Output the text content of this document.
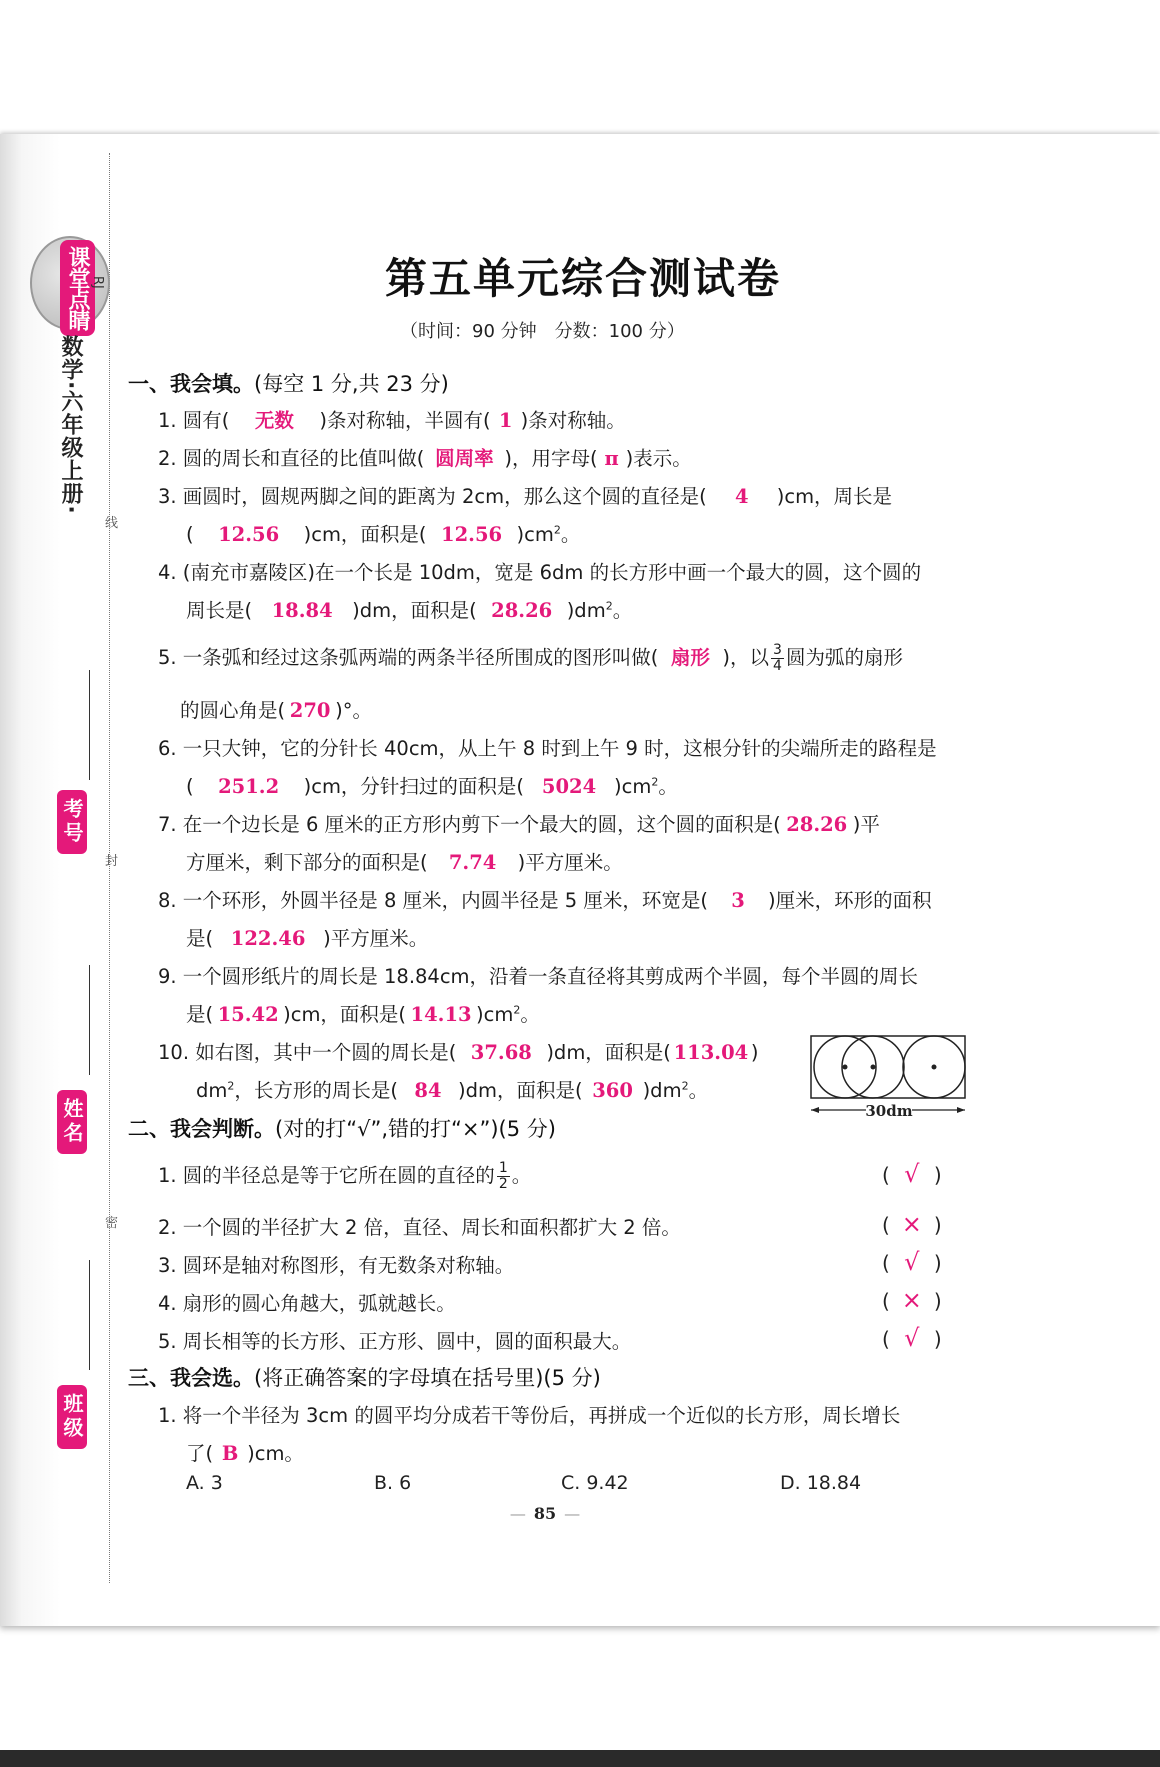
课堂点睛 RJ
数学·六年级上册·
线
封
密
考号
姓名
班级
第五单元综合测试卷
（时间：90 分钟　分数：100 分）
一、我会填。(每空 1 分,共 23 分)
1. 圆有( 无数 )条对称轴，半圆有( 1 )条对称轴。
2. 圆的周长和直径的比值叫做( 圆周率 )，用字母( π )表示。
3. 画圆时，圆规两脚之间的距离为 2cm，那么这个圆的直径是( 4 )cm，周长是
( 12.56 )cm，面积是( 12.56 )$cm^2$。
4. (南充市嘉陵区)在一个长是 10dm，宽是 6dm 的长方形中画一个最大的圆，这个圆的
周长是( 18.84 )dm，面积是( 28.26 )$dm^2$。
5. 一条弧和经过这条弧两端的两条半径所围成的图形叫做( 扇形 )，以 $\frac{3}{4}$ 圆为弧的扇形
的圆心角是( 270 )°。
6. 一只大钟，它的分针长 40cm，从上午 8 时到上午 9 时，这根分针的尖端所走的路程是
( 251.2 )cm，分针扫过的面积是( 5024 )$cm^2$。
7. 在一个边长是 6 厘米的正方形内剪下一个最大的圆，这个圆的面积是( 28.26 )平
方厘米，剩下部分的面积是( 7.74 )平方厘米。
8. 一个环形，外圆半径是 8 厘米，内圆半径是 5 厘米，环宽是( 3 )厘米，环形的面积
是( 122.46 )平方厘米。
9. 一个圆形纸片的周长是 18.84cm，沿着一条直径将其剪成两个半圆，每个半圆的周长
是( 15.42 )cm，面积是( 14.13 )$cm^2$。
10. 如右图，其中一个圆的周长是( 37.68 )dm，面积是( 113.04 )
$dm^2$，长方形的周长是( 84 )dm，面积是( 360 )$dm^2$。
30dm
二、我会判断。(对的打“√”,错的打“×”)(5 分)
1. 圆的半径总是等于它所在圆的直径的 $\frac{1}{2}$ 。	( √ )
2. 一个圆的半径扩大 2 倍，直径、周长和面积都扩大 2 倍。	( × )
3. 圆环是轴对称图形，有无数条对称轴。	( √ )
4. 扇形的圆心角越大，弧就越长。	( × )
5. 周长相等的长方形、正方形、圆中，圆的面积最大。	( √ )
三、我会选。(将正确答案的字母填在括号里)(5 分)
1. 将一个半径为 3cm 的圆平均分成若干等份后，再拼成一个近似的长方形，周长增长
了( B )cm。
A. 3	B. 6	C. 9.42	D. 18.84
— 85 —
